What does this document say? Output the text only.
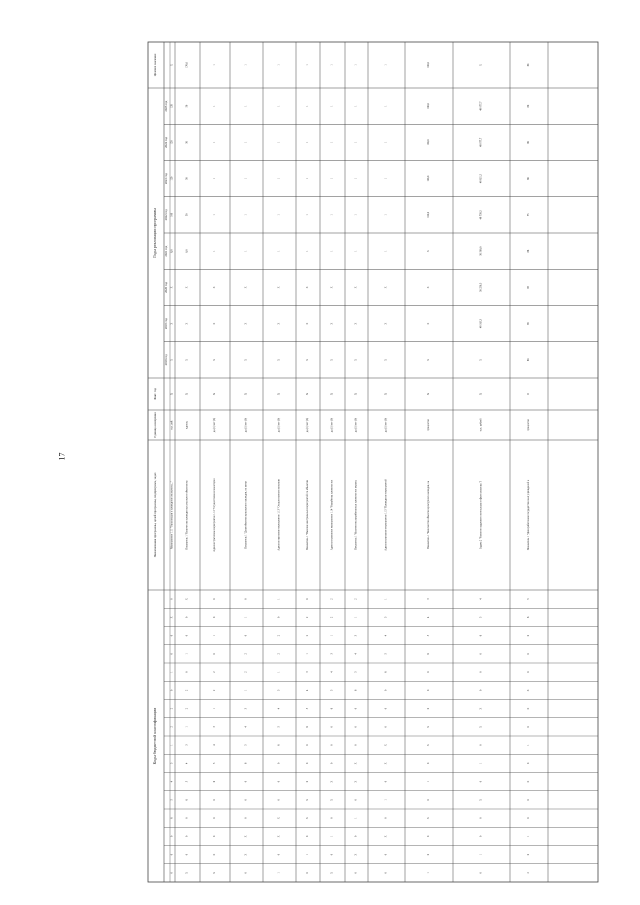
17
Коды бюджетной классификации
Наименования программы, целей программы, подпрограмм, задач
Единица измерения
Факт. год
Годы реализации программы
Целевое значение
2025 год
2024 год
2023 год
2022 год
2021 год
2020 год
2019 год
2018 год
Мероприятие 1.11 "Организация и проведение экспертизы..."
тыс. руб.
X
X
X
X
6,0
100
120
120
120
X
0
X
0
0
1
0
2
2
1
3
4
5
6
0
0
0
Показатель 1 "Количество проведенных экспертиз объектов ку
единиц
X
X
X
X
0,0
50
50
50
50
170,0
X
0
0
1
0
2
2
1
3
4
5
6
0
0
0
X
Административное мероприятие 1.12 "Осуществление мониторин
да (1)/нет (0)
X
X
X
X
1
1
1
1
1
1
0
0
1
0
2
2
1
3
4
5
6
0
0
0
X
X
Показатель 1 "Доля объектов культурного наследия, по котор
да (1)/нет (0)
X
X
X
X
1
1
1
1
1
1
0
1
0
2
2
1
3
4
5
6
0
0
0
X
X
0
Административное мероприятие 1.13 "Осуществление контроля
да (1)/нет (0)
X
X
X
X
1
1
1
1
1
1
1
0
2
2
1
3
4
5
6
0
0
0
X
X
0
1
Показатель 1 "Наличие контрольных мероприятий по объектам
да (1)/нет (0)
X
X
X
X
1
1
1
1
1
1
0
2
2
1
3
4
5
6
0
0
0
X
X
0
1
0
Административное мероприятие 1.14 "Разработка проектов зон
да (1)/нет (0)
X
X
X
X
1
1
1
1
1
1
2
2
1
3
4
5
6
0
0
0
X
X
0
1
0
X
Показатель 1 "Количество разработанных проектов зон охраны
да (1)/нет (0)
X
X
X
X
1
1
1
1
1
1
2
1
3
4
5
6
0
0
0
X
X
0
1
0
X
0
Административное мероприятие 1.15 "Проведение мероприятий
да (1)/нет (0)
X
X
X
X
1
1
1
1
1
1
1
3
4
5
6
0
0
0
X
X
0
1
0
X
0
0
Показатель 1 "Количество объектов культурного наследия, на
процентов
X
X
X
X
X
100,0
100,0
100,0
100,0
100,0
3
4
5
6
0
0
0
X
X
0
1
0
X
0
0
1
Задача 2 "Развитие кадрового потенциала в сфере культуры Т
тыс. рублей
X
X
48 165,3
50 250,3
50 500,0
48 758,5
48 821,5
48 977,7
48 977,7
X
4
5
6
0
0
0
X
X
0
1
0
X
0
0
1
0
Показатель 1 "Доля работников государственных учреждений к
процентов
0
80
85
85
86
75
80
80
80
80
5
6
0
0
0
X
X
0
1
0
X
0
0
1
0
2
